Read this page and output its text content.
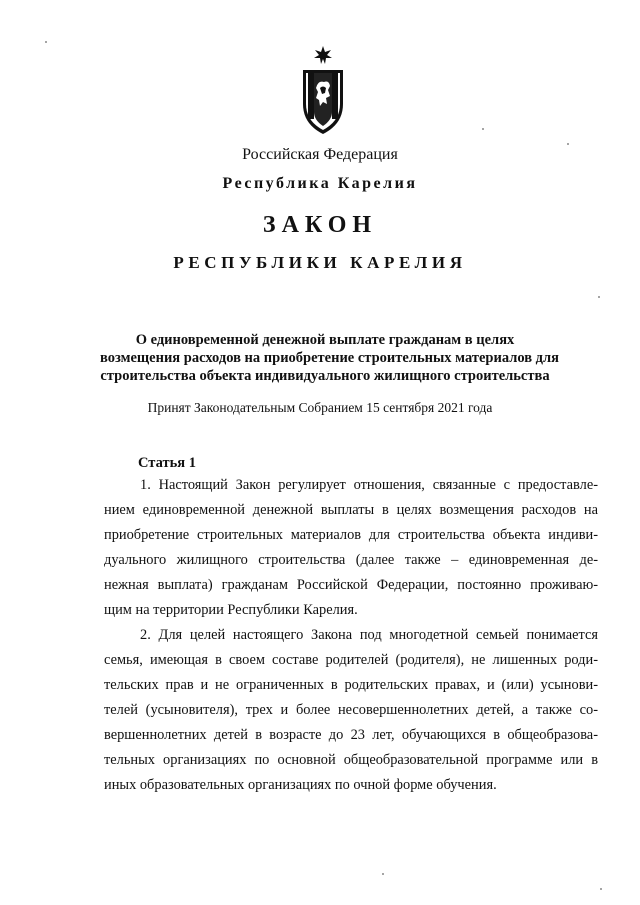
Российская Федерация
Республика Карелия
ЗАКОН
РЕСПУБЛИКИ КАРЕЛИЯ
О единовременной денежной выплате гражданам в целях
возмещения расходов на приобретение строительных материалов для
строительства объекта индивидуального жилищного строительства
Принят Законодательным Собранием 15 сентября 2021 года
Статья 1
1. Настоящий Закон регулирует отношения, связанные с предоставле-
нием единовременной денежной выплаты в целях возмещения расходов на
приобретение строительных материалов для строительства объекта индиви-
дуального жилищного строительства (далее также – единовременная де-
нежная выплата) гражданам Российской Федерации, постоянно проживаю-
щим на территории Республики Карелия.
2. Для целей настоящего Закона под многодетной семьей понимается
семья, имеющая в своем составе родителей (родителя), не лишенных роди-
тельских прав и не ограниченных в родительских правах, и (или) усынови-
телей (усыновителя), трех и более несовершеннолетних детей, а также со-
вершеннолетних детей в возрасте до 23 лет, обучающихся в общеобразова-
тельных организациях по основной общеобразовательной программе или в
иных образовательных организациях по очной форме обучения.
